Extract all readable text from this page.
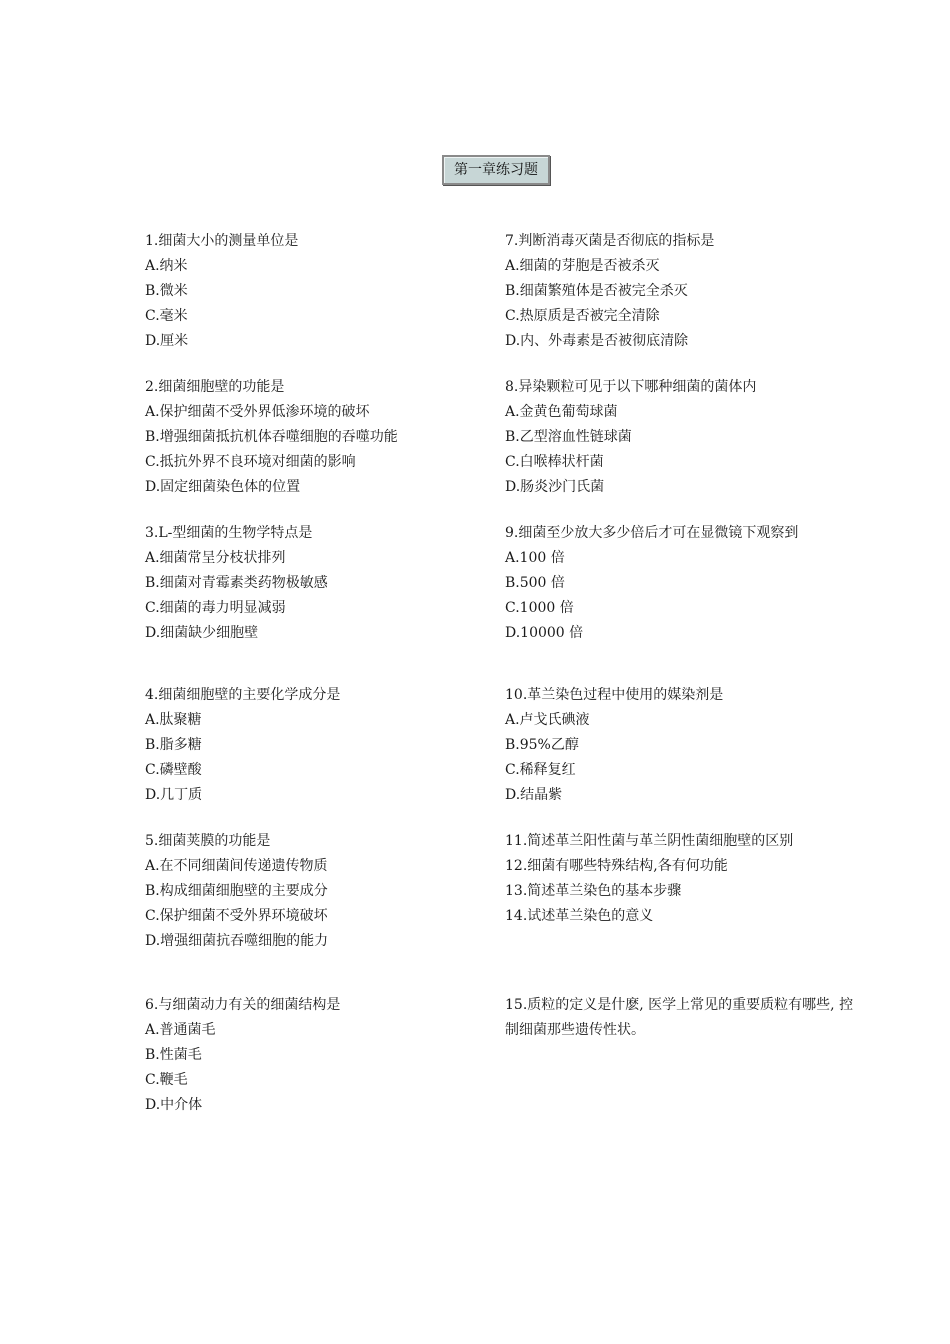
第一章练习题
1.细菌大小的测量单位是
A.纳米
B.微米
C.毫米
D.厘米
2.细菌细胞壁的功能是
A.保护细菌不受外界低渗环境的破坏
B.增强细菌抵抗机体吞噬细胞的吞噬功能
C.抵抗外界不良环境对细菌的影响
D.固定细菌染色体的位置
3.L-型细菌的生物学特点是
A.细菌常呈分枝状排列
B.细菌对青霉素类药物极敏感
C.细菌的毒力明显减弱
D.细菌缺少细胞壁
4.细菌细胞壁的主要化学成分是
A.肽聚糖
B.脂多糖
C.磷壁酸
D.几丁质
5.细菌荚膜的功能是
A.在不同细菌间传递遗传物质
B.构成细菌细胞壁的主要成分
C.保护细菌不受外界环境破坏
D.增强细菌抗吞噬细胞的能力
6.与细菌动力有关的细菌结构是
A.普通菌毛
B.性菌毛
C.鞭毛
D.中介体
7.判断消毒灭菌是否彻底的指标是
A.细菌的芽胞是否被杀灭
B.细菌繁殖体是否被完全杀灭
C.热原质是否被完全清除
D.内、外毒素是否被彻底清除
8.异染颗粒可见于以下哪种细菌的菌体内
A.金黄色葡萄球菌
B.乙型溶血性链球菌
C.白喉棒状杆菌
D.肠炎沙门氏菌
9.细菌至少放大多少倍后才可在显微镜下观察到
A.100 倍
B.500 倍
C.1000 倍
D.10000 倍
10.革兰染色过程中使用的媒染剂是
A.卢戈氏碘液
B.95%乙醇
C.稀释复红
D.结晶紫
11.简述革兰阳性菌与革兰阴性菌细胞壁的区别
12.细菌有哪些特殊结构,各有何功能
13.简述革兰染色的基本步骤
14.试述革兰染色的意义
15.质粒的定义是什麽, 医学上常见的重要质粒有哪些, 控制细菌那些遗传性状。
